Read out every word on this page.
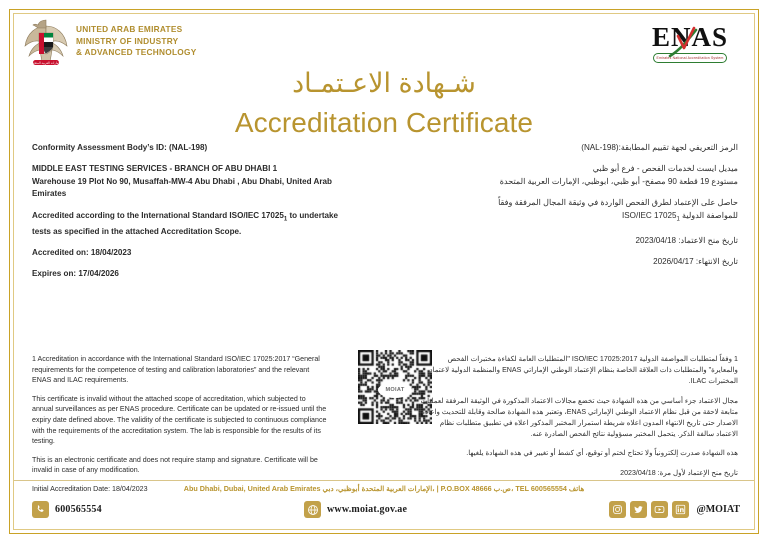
الإمارات العربية المتحدة
UNITED ARAB EMIRATES
MINISTRY OF INDUSTRY
& ADVANCED TECHNOLOGY	ENAS
Emirates National Accreditation System
شـهادة الاعـتمـاد
Accreditation Certificate
Conformity Assessment Body’s ID: (NAL-198)
MIDDLE EAST TESTING SERVICES - BRANCH OF ABU DHABI 1
Warehouse 19 Plot No 90, Musaffah-MW-4 Abu Dhabi , Abu Dhabi, United Arab Emirates
Accredited according to the International Standard ISO/IEC $17025_1$ to undertake tests as specified in the attached Accreditation Scope.
Accredited on: 18/04/2023
Expires on: 17/04/2026
الرمز التعريفي لجهة تقييم المطابقة:(NAL-198)
ميديل ايست لخدمات الفحص - فرع أبو ظبي
مستودع 19 قطعة 90 مصفح- أبو ظبي، ابوظبي، الإمارات العربية المتحدة
حاصل على الإعتماد لطرق الفحص الواردة في وثيقة المجال المرفقة وفقاً
للمواصفة الدولية ISO/IEC $17025_1$
تاريخ منح الاعتماد: 2023/04/18
تاريخ الانتهاء: 2026/04/17

1 Accreditation in accordance with the International Standard ISO/IEC 17025:2017 “General requirements for the competence of testing and calibration laboratories” and the relevant ENAS and ILAC requirements.

This certificate is invalid without the attached scope of accreditation, which subjected to annual surveillances as per ENAS procedure. Certificate can be updated or re-issued until the expiry date defined above. The validity of the certificate is subjected to continuous compliance with the requirements of the accreditation system. The lab is responsible for the results of its testing.

This is an electronic certificate and does not require stamp and signature. Certificate will be invalid in case of any modification.

Initial Accreditation Date: 18/04/2023

MOIAT

1 وفقاً لمتطلبات المواصفة الدولية ISO/IEC 17025:2017 "المتطلبات العامة لكفاءة مختبرات الفحص والمعايرة" والمتطلبات ذات العلاقة الخاصة بنظام الإعتماد الوطني الإماراتي ENAS والمنظمة الدولية لاعتماد المختبرات ILAC.

مجال الاعتماد جزء أساسي من هذه الشهادة حيث تخضع مجالات الاعتماد المذكورة في الوثيقة المرفقة لعمليات متابعة لاحقة من قبل نظام الاعتماد الوطني الإماراتي ENAS، وتعتبر هذه الشهادة صالحة وقابلة للتحديث واعادة الاصدار حتى تاريخ الانتهاء المدون اعلاه شريطة استمرار المختبر المذكور اعلاه في تطبيق متطلبات نظام الاعتماد سالفة الذكر. يتحمل المختبر مسؤولية نتائج الفحص الصادرة عنه.

هذه الشهادة صدرت إلكترونياً ولا تحتاج لختم أو توقيع، أي كشط أو تغيير في هذه الشهادة يلغيها.

تاريخ منح الإعتماد لأول مرة: 2023/04/18

Abu Dhabi, Dubai, United Arab Emirates الإمارات العربية المتحدة أبوظبي، دبي، | P.O.BOX 48666 ص.ب، TEL 600565554 هاتف
600565554	www.moiat.gov.ae	@MOIAT
